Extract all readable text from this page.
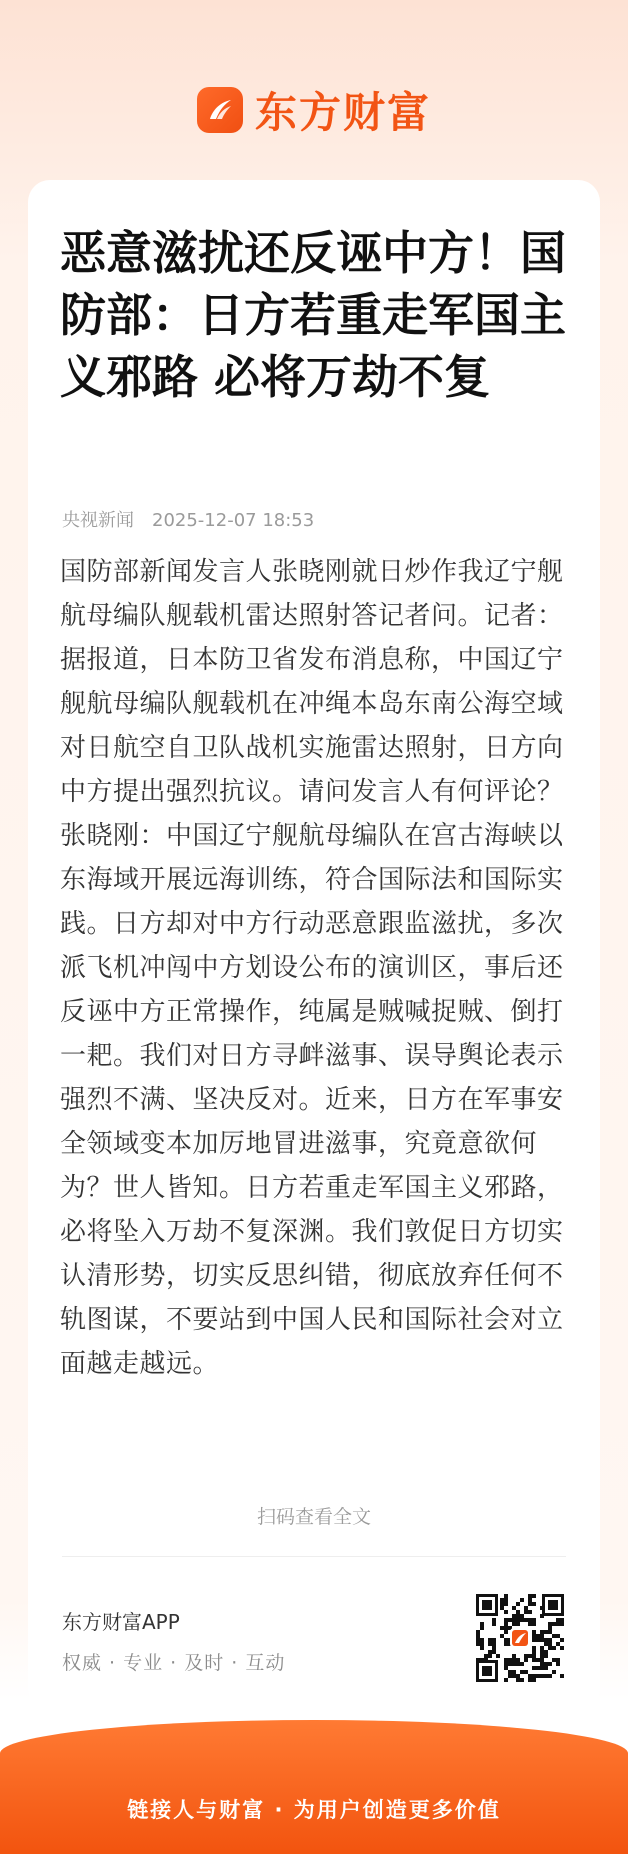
东方财富
恶意滋扰还反诬中方！国防部：日方若重走军国主义邪路 必将万劫不复
央视新闻 2025-12-07 18:53

国防部新闻发言人张晓刚就日炒作我辽宁舰航母编队舰载机雷达照射答记者问。记者：据报道，日本防卫省发布消息称，中国辽宁舰航母编队舰载机在冲绳本岛东南公海空域对日航空自卫队战机实施雷达照射，日方向中方提出强烈抗议。请问发言人有何评论？张晓刚：中国辽宁舰航母编队在宫古海峡以东海域开展远海训练，符合国际法和国际实践。日方却对中方行动恶意跟监滋扰，多次派飞机冲闯中方划设公布的演训区，事后还反诬中方正常操作，纯属是贼喊捉贼、倒打一耙。我们对日方寻衅滋事、误导舆论表示强烈不满、坚决反对。近来，日方在军事安全领域变本加厉地冒进滋事，究竟意欲何为？世人皆知。日方若重走军国主义邪路，必将坠入万劫不复深渊。我们敦促日方切实认清形势，切实反思纠错，彻底放弃任何不轨图谋，不要站到中国人民和国际社会对立面越走越远。

扫码查看全文
东方财富APP
权威 · 专业 · 及时 · 互动
链接人与财富 · 为用户创造更多价值
